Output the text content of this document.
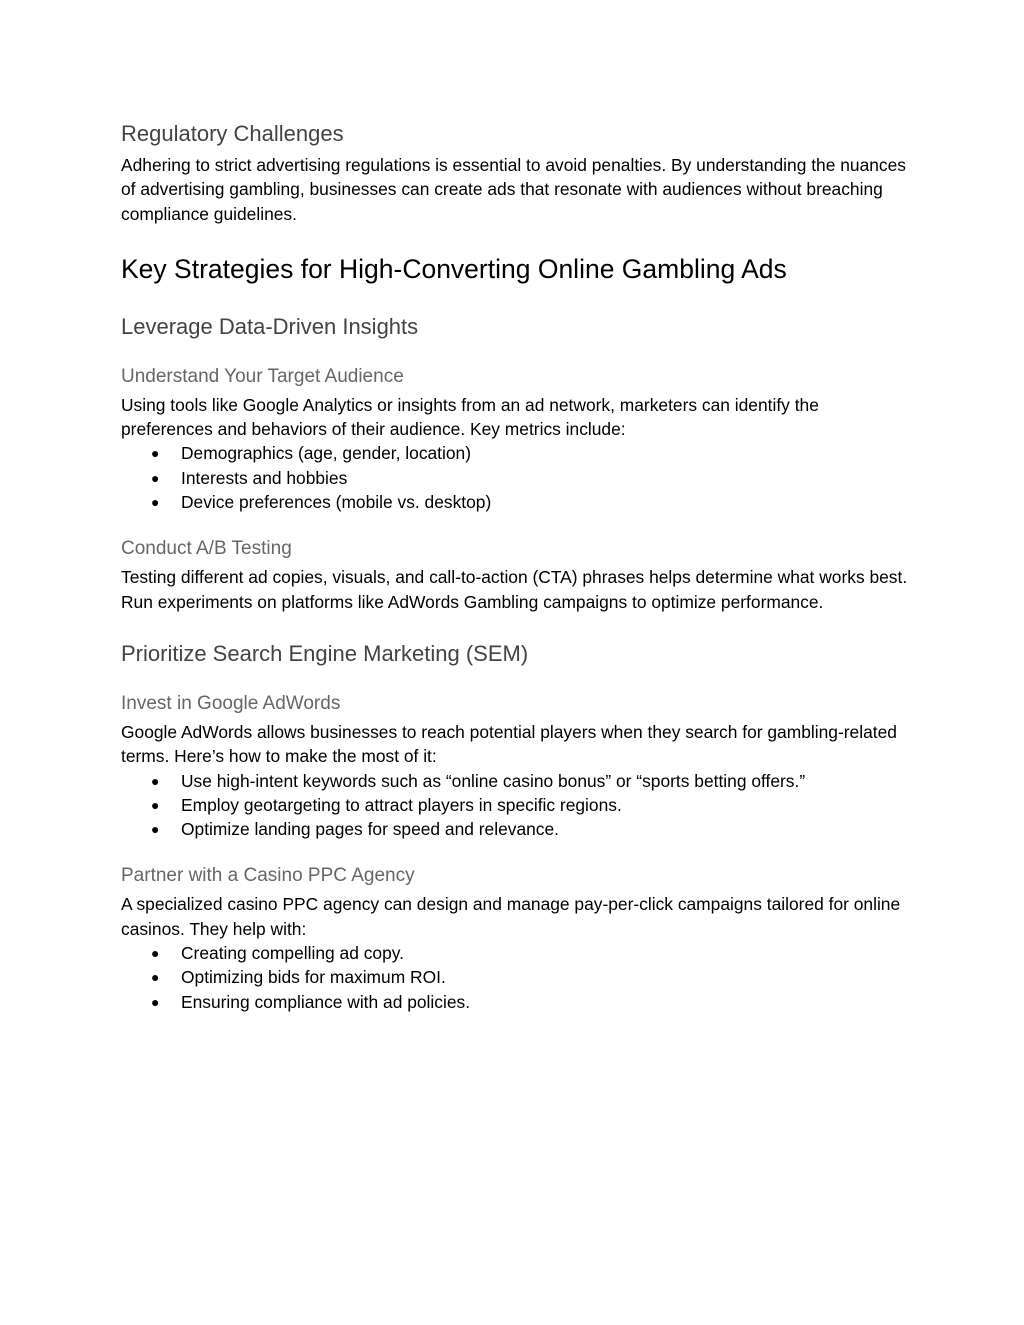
Regulatory Challenges

Adhering to strict advertising regulations is essential to avoid penalties. By understanding the nuances of advertising gambling, businesses can create ads that resonate with audiences without breaching compliance guidelines.

Key Strategies for High-Converting Online Gambling Ads
Leverage Data-Driven Insights
Understand Your Target Audience

Using tools like Google Analytics or insights from an ad network, marketers can identify the preferences and behaviors of their audience. Key metrics include:

● Demographics (age, gender, location)
● Interests and hobbies
● Device preferences (mobile vs. desktop)
Conduct A/B Testing

Testing different ad copies, visuals, and call-to-action (CTA) phrases helps determine what works best. Run experiments on platforms like AdWords Gambling campaigns to optimize performance.

Prioritize Search Engine Marketing (SEM)
Invest in Google AdWords

Google AdWords allows businesses to reach potential players when they search for gambling-related terms. Here’s how to make the most of it:

● Use high-intent keywords such as “online casino bonus” or “sports betting offers.”
● Employ geotargeting to attract players in specific regions.
● Optimize landing pages for speed and relevance.
Partner with a Casino PPC Agency

A specialized casino PPC agency can design and manage pay-per-click campaigns tailored for online casinos. They help with:

● Creating compelling ad copy.
● Optimizing bids for maximum ROI.
● Ensuring compliance with ad policies.
